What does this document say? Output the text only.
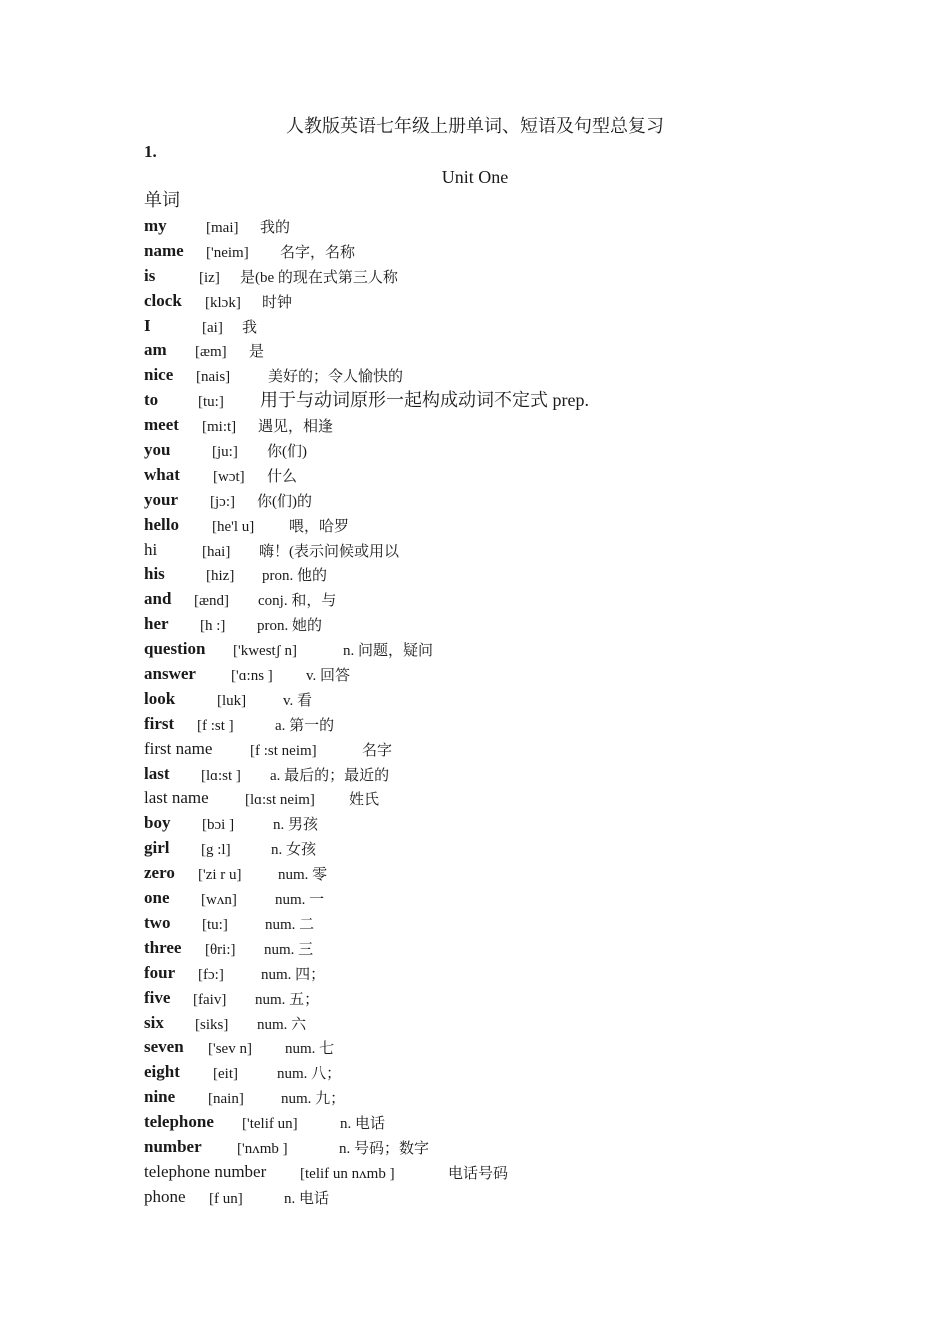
人教版英语七年级上册单词、短语及句型总复习
1.
Unit One
单词
my	[mai] 我的
name ['neim] 名字，名称
is	[iz] 是(be 的现在式第三人称
clock [klɔk] 时钟
I	[ai] 我
am [æm] 是
nice [nais]	美好的；令人愉快的
to	[tu:] 用于与动词原形一起构成动词不定式 prep.
meet [mi:t] 遇见，相逢
you	[ju:] 你(们)
what [wɔt] 什么
your [jɔ:] 你(们)的
hello [he'l u] 喂，哈罗
hi	[hai] 嗨！(表示问候或用以
his	[hiz] pron. 他的
and [ænd] conj. 和，与
her [h :] pron. 她的
question ['kwestʃ n]	n. 问题，疑问
answer ['ɑ:ns ] v. 回答
look	[luk] v. 看
first [f :st ]	a. 第一的
first name	[f :st neim]	名字
last [lɑ:st ] a. 最后的；最近的
last name [lɑ:st neim] 姓氏
boy [bɔi ]	n. 男孩
girl [g :l]	n. 女孩
zero ['zi r u] num. 零
one [wʌn]	num. 一
two [tu:] num. 二
three [θri:] num. 三
four [fɔ:] num. 四；
five [faiv] num. 五；
six [siks] num. 六
seven ['sev n] num. 七
eight [eit]	num. 八；
nine [nain] num. 九；
telephone ['telif un]	n. 电话
number ['nʌmb ]	n. 号码；数字
telephone number [telif un nʌmb ]	电话号码
phone [f un]	n. 电话
